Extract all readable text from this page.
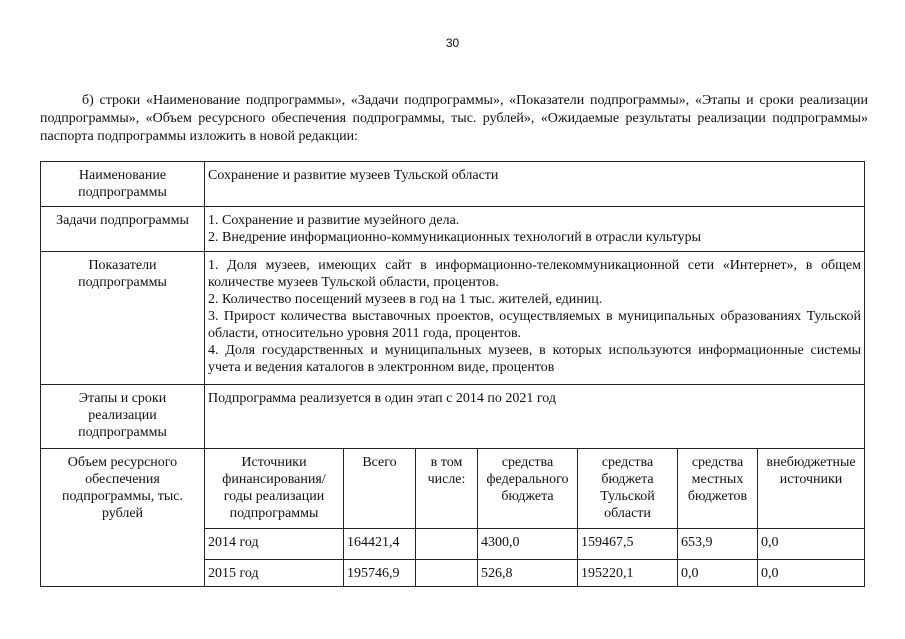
30

б) строки «Наименование подпрограммы», «Задачи подпрограммы», «Показатели подпрограммы», «Этапы и сроки реализации подпрограммы», «Объем ресурсного обеспечения подпрограммы, тыс. рублей», «Ожидаемые результаты реализации подпрограммы» паспорта подпрограммы изложить в новой редакции:

Наименование подпрограммы	Сохранение и развитие музеев Тульской области						
Задачи подпрограммы	1. Сохранение и развитие музейного дела.
2. Внедрение информационно-коммуникационных технологий в отрасли культуры						

Показатели подпрограммы	1. Доля музеев, имеющих сайт в информационно-телекоммуникационной сети «Интернет», в общем количестве музеев Тульской области, процентов.
2. Количество посещений музеев в год на 1 тыс. жителей, единиц.
3. Прирост количества выставочных проектов, осуществляемых в муниципальных образованиях Тульской области, относительно уровня 2011 года, процентов.
4. Доля государственных и муниципальных музеев, в которых используются информационные системы учета и ведения каталогов в электронном виде, процентов						

Этапы и сроки реализации подпрограммы	Подпрограмма реализуется в один этап с 2014 по 2021 год						
Объем ресурсного обеспечения подпрограммы, тыс. рублей	Источники финансирования/ годы реализации подпрограммы	Всего	в том числе:	средства федерального бюджета	средства бюджета Тульской области	средства местных бюджетов	внебюджетные источники
	2014 год	164421,4		4300,0	159467,5	653,9	0,0
	2015 год	195746,9		526,8	195220,1	0,0	0,0
